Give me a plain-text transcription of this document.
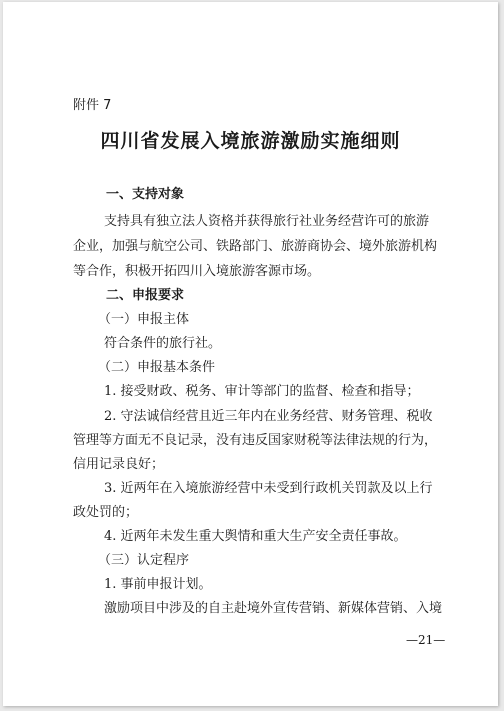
附件 7
四川省发展入境旅游激励实施细则
一、支持对象
支持具有独立法人资格并获得旅行社业务经营许可的旅游
企业，加强与航空公司、铁路部门、旅游商协会、境外旅游机构
等合作，积极开拓四川入境旅游客源市场。
二、申报要求
（一）申报主体
符合条件的旅行社。
（二）申报基本条件
1. 接受财政、税务、审计等部门的监督、检查和指导；
2. 守法诚信经营且近三年内在业务经营、财务管理、税收
管理等方面无不良记录，没有违反国家财税等法律法规的行为，
信用记录良好；
3. 近两年在入境旅游经营中未受到行政机关罚款及以上行
政处罚的；
4. 近两年未发生重大舆情和重大生产安全责任事故。
（三）认定程序
1. 事前申报计划。
激励项目中涉及的自主赴境外宣传营销、新媒体营销、入境
—21—
